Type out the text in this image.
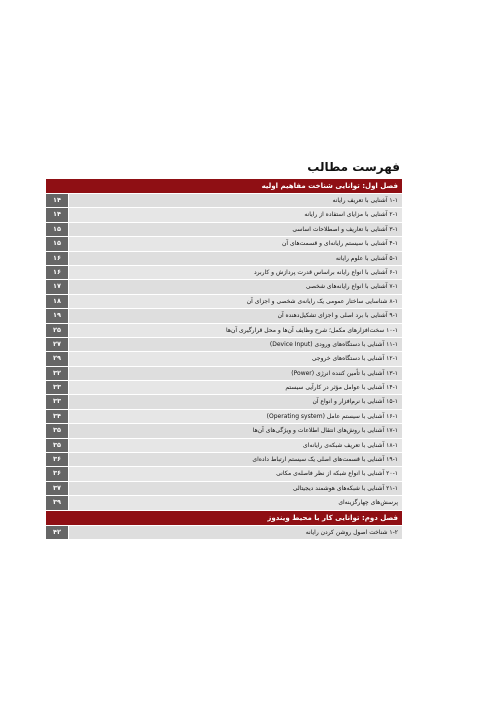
فهرست مطالب
فصل اول: توانایی شناخت مفاهیم اولیه
۱-۱ آشنایی با تعریف رایانه
۱۴
۲-۱ آشنایی با مزایای استفاده از رایانه
۱۴
۳-۱ آشنایی با تعاریف و اصطلاحات اساسی
۱۵
۴-۱ آشنایی با سیستم رایانه‌ای و قسمت‌های آن
۱۵
۵-۱ آشنایی با علوم رایانه
۱۶
۶-۱ آشنایی با انواع رایانه براساس قدرت پردازش و کاربرد
۱۶
۷-۱ آشنایی با انواع رایانه‌های شخصی
۱۷
۸-۱ شناسایی ساختار عمومی یک رایانه‌ی شخصی و اجزای آن
۱۸
۹-۱ آشنایی با برد اصلی و اجزای تشکیل‌دهنده آن
۱۹
۱۰-۱ سخت‌افزارهای مکمل؛ شرح وظایف آن‌ها و محل قرارگیری آن‌ها
۲۵
۱۱-۱ آشنایی با دستگاه‌های ورودی (Device Input)
۲۷
۱۲-۱ آشنایی با دستگاه‌های خروجی
۲۹
۱۳-۱ آشنایی با تأمین کننده انرژی (Power)
۳۲
۱۴-۱ آشنایی با عوامل مؤثر در کارآیی سیستم
۳۳
۱۵-۱ آشنایی با نرم‌افزار و انواع آن
۳۳
۱۶-۱ آشنایی با سیستم عامل (Operating system)
۳۴
۱۷-۱ آشنایی با روش‌های انتقال اطلاعات و ویژگی‌های آن‌ها
۳۵
۱۸-۱ آشنایی با تعریف شبکه‌ی رایانه‌ای
۳۵
۱۹-۱ آشنایی با قسمت‌های اصلی یک سیستم ارتباط داده‌ای
۳۶
۲۰-۱ آشنایی با انواع شبکه از نظر فاصله‌ی مکانی
۳۶
۲۱-۱ آشنایی با شبکه‌های هوشمند دیجیتالی
۳۷
پرسش‌های چهارگزینه‌ای
۳۹
فصل دوم: توانایی کار با محیط ویندوز
۱-۲ شناخت اصول روشن کردن رایانه
۴۲
